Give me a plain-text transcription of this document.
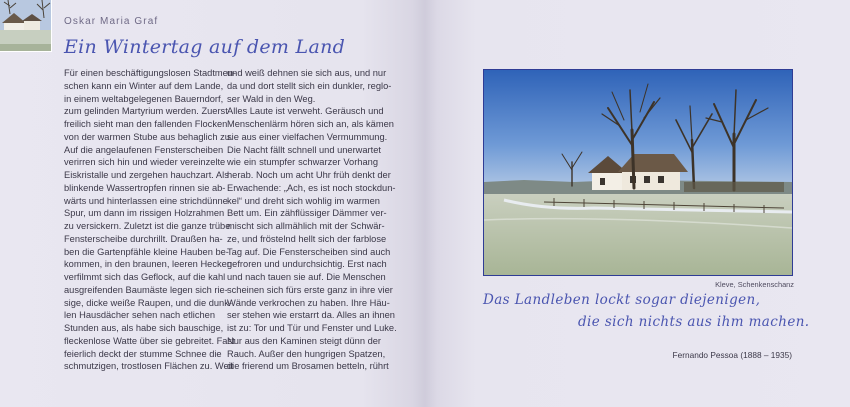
Oskar Maria Graf
Ein Wintertag auf dem Land
Für einen beschäftigungslosen Stadtmen-
schen kann ein Winter auf dem Lande,
in einem weltabgelegenen Bauerndorf,
zum gelinden Martyrium werden. Zuerst
freilich sieht man den fallenden Flocken
von der warmen Stube aus behaglich zu.
Auf die angelaufenen Fensterscheiben
verirren sich hin und wieder vereinzelte
Eiskristalle und zergehen hauchzart. Als
blinkende Wassertropfen rinnen sie ab-
wärts und hinterlassen eine strichdünne
Spur, um dann im rissigen Holzrahmen
zu versickern. Zuletzt ist die ganze trübe
Fensterscheibe durchrillt. Draußen ha-
ben die Gartenpfähle kleine Hauben be-
kommen, in den braunen, leeren Hecken
verfilmmt sich das Geflock, auf die kahl
ausgreifenden Baumäste legen sich rie-
sige, dicke weiße Raupen, und die dunk-
len Hausdächer sehen nach etlichen
Stunden aus, als habe sich bauschige,
fleckenlose Watte über sie gebreitet. Fast
feierlich deckt der stumme Schnee die
schmutzigen, trostlosen Flächen zu. Weit
und weiß dehnen sie sich aus, und nur
da und dort stellt sich ein dunkler, reglo-
ser Wald in den Weg.
Alles Laute ist verweht. Geräusch und
Menschenlärm hören sich an, als kämen
sie aus einer vielfachen Vermummung.
Die Nacht fällt schnell und unerwartet
wie ein stumpfer schwarzer Vorhang
herab. Noch um acht Uhr früh denkt der
Erwachende: „Ach, es ist noch stockdun-
kel“ und dreht sich wohlig im warmen
Bett um. Ein zähflüssiger Dämmer ver-
mischt sich allmählich mit der Schwär-
ze, und fröstelnd hellt sich der farblose
Tag auf. Die Fensterscheiben sind auch
gefroren und undurchsichtig. Erst nach
und nach tauen sie auf. Die Menschen
scheinen sich fürs erste ganz in ihre vier
Wände verkrochen zu haben. Ihre Häu-
ser stehen wie erstarrt da. Alles an ihnen
ist zu: Tor und Tür und Fenster und Luke.
Nur aus den Kaminen steigt dünn der
Rauch. Außer den hungrigen Spatzen,
die frierend um Brosamen betteln, rührt
Kleve, Schenkenschanz
Das Landleben lockt sogar diejenigen,
die sich nichts aus ihm machen.
Fernando Pessoa (1888 – 1935)
